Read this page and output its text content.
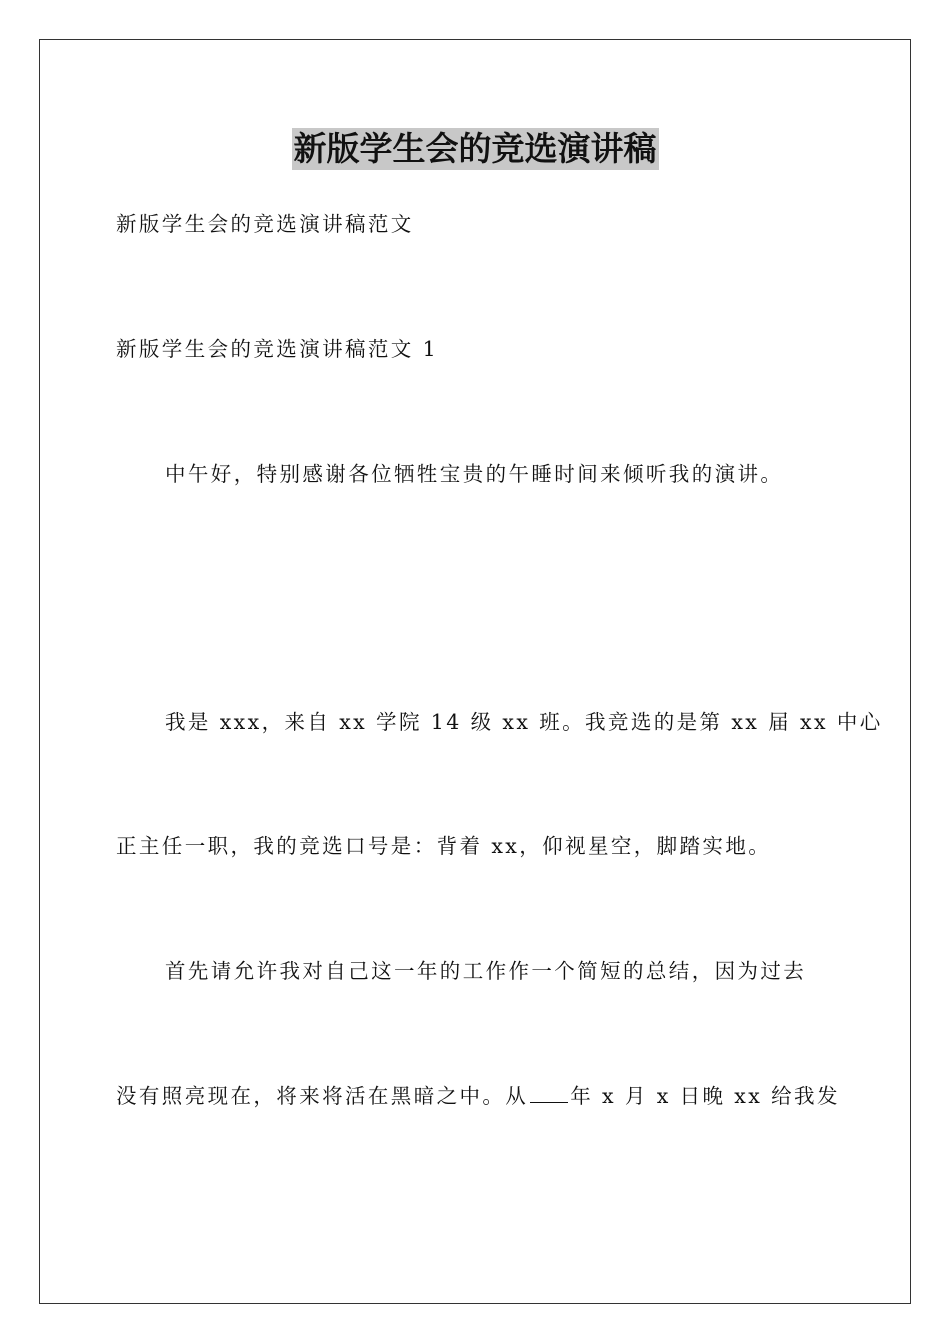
新版学生会的竞选演讲稿
新版学生会的竞选演讲稿范文
新版学生会的竞选演讲稿范文 1
中午好，特别感谢各位牺牲宝贵的午睡时间来倾听我的演讲。
我是 xxx，来自 xx 学院 14 级 xx 班。我竞选的是第 xx 届 xx 中心
正主任一职，我的竞选口号是：背着 xx，仰视星空，脚踏实地。
首先请允许我对自己这一年的工作作一个简短的总结，因为过去
没有照亮现在，将来将活在黑暗之中。从 年 x 月 x 日晚 xx 给我发
